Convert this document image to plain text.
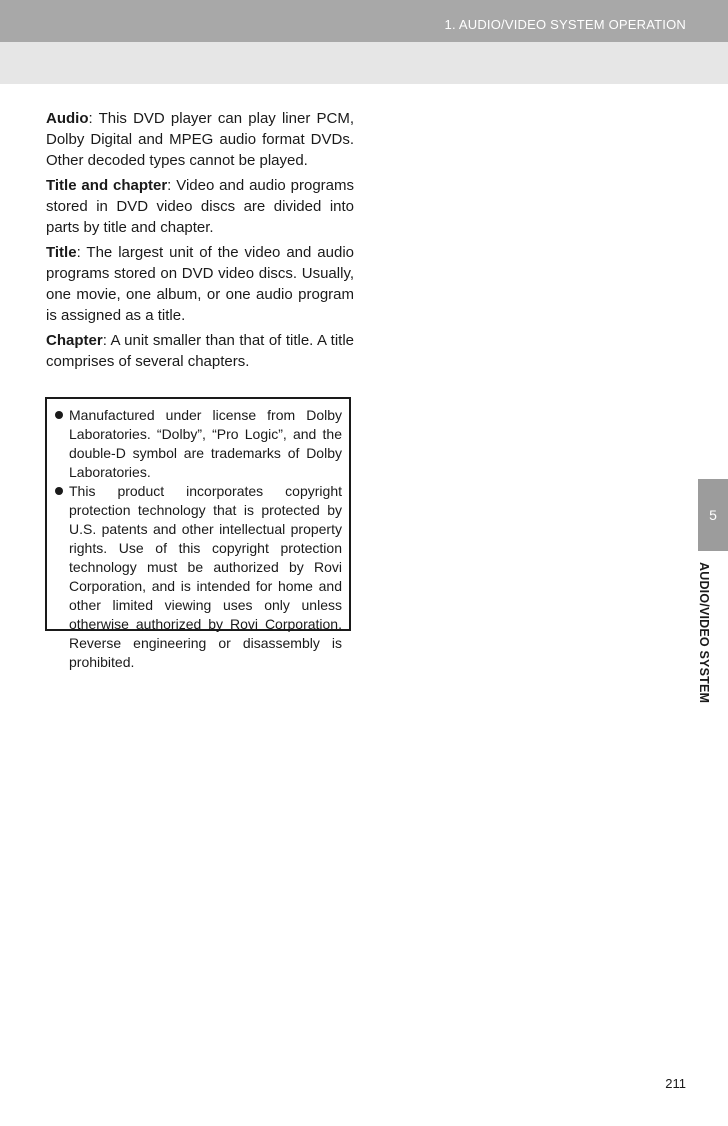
1. AUDIO/VIDEO SYSTEM OPERATION

Audio: This DVD player can play liner PCM, Dolby Digital and MPEG audio format DVDs. Other decoded types cannot be played.

Title and chapter: Video and audio programs stored in DVD video discs are divided into parts by title and chapter.

Title: The largest unit of the video and audio programs stored on DVD video discs. Usually, one movie, one album, or one audio program is assigned as a title.

Chapter: A unit smaller than that of title. A title comprises of several chapters.

Manufactured under license from Dolby Laboratories. “Dolby”, “Pro Logic”, and the double-D symbol are trademarks of Dolby Laboratories.

This product incorporates copyright protection technology that is protected by U.S. patents and other intellectual property rights. Use of this copyright protection technology must be authorized by Rovi Corporation, and is intended for home and other limited viewing uses only unless otherwise authorized by Rovi Corporation. Reverse engineering or disassembly is prohibited.

5
AUDIO/VIDEO SYSTEM
211
